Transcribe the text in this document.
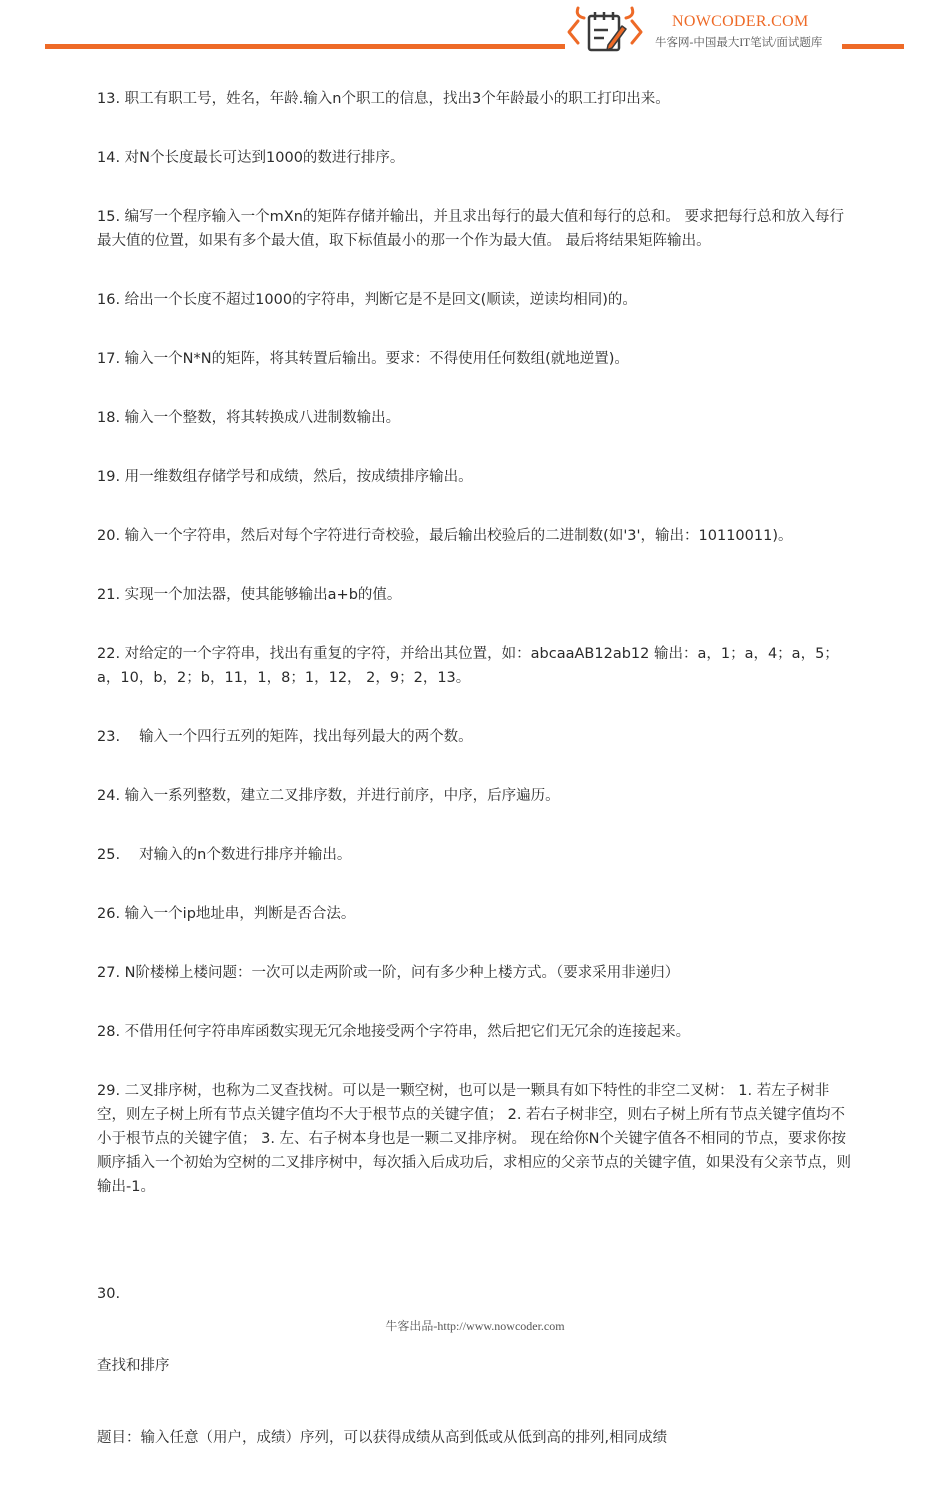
NOWCODER.COM
牛客网-中国最大IT笔试/面试题库
13. 职工有职工号，姓名，年龄.输入n个职工的信息，找出3个年龄最小的职工打印出来。
14. 对N个长度最长可达到1000的数进行排序。
15. 编写一个程序输入一个mXn的矩阵存储并输出，并且求出每行的最大值和每行的总和。 要求把每行总和放入每行最大值的位置，如果有多个最大值，取下标值最小的那一个作为最大值。 最后将结果矩阵输出。
16. 给出一个长度不超过1000的字符串，判断它是不是回文(顺读，逆读均相同)的。
17. 输入一个N*N的矩阵，将其转置后输出。要求：不得使用任何数组(就地逆置)。
18. 输入一个整数，将其转换成八进制数输出。
19. 用一维数组存储学号和成绩，然后，按成绩排序输出。
20. 输入一个字符串，然后对每个字符进行奇校验，最后输出校验后的二进制数(如'3'，输出：10110011)。
21. 实现一个加法器，使其能够输出a+b的值。
22. 对给定的一个字符串，找出有重复的字符，并给出其位置，如：abcaaAB12ab12 输出：a，1；a，4；a，5；a，10，b，2；b，11，1，8；1，12， 2，9；2，13。
23.　 输入一个四行五列的矩阵，找出每列最大的两个数。
24. 输入一系列整数，建立二叉排序数，并进行前序，中序，后序遍历。
25.　 对输入的n个数进行排序并输出。
26. 输入一个ip地址串，判断是否合法。
27. N阶楼梯上楼问题：一次可以走两阶或一阶，问有多少种上楼方式。（要求采用非递归）
28. 不借用任何字符串库函数实现无冗余地接受两个字符串，然后把它们无冗余的连接起来。
29. 二叉排序树，也称为二叉查找树。可以是一颗空树，也可以是一颗具有如下特性的非空二叉树： 1. 若左子树非空，则左子树上所有节点关键字值均不大于根节点的关键字值； 2. 若右子树非空，则右子树上所有节点关键字值均不小于根节点的关键字值； 3. 左、右子树本身也是一颗二叉排序树。 现在给你N个关键字值各不相同的节点，要求你按顺序插入一个初始为空树的二叉排序树中，每次插入后成功后，求相应的父亲节点的关键字值，如果没有父亲节点，则输出-1。

30.

查找和排序

题目：输入任意（用户，成绩）序列，可以获得成绩从高到低或从低到高的排列,相同成绩

牛客出品-http://www.nowcoder.com
